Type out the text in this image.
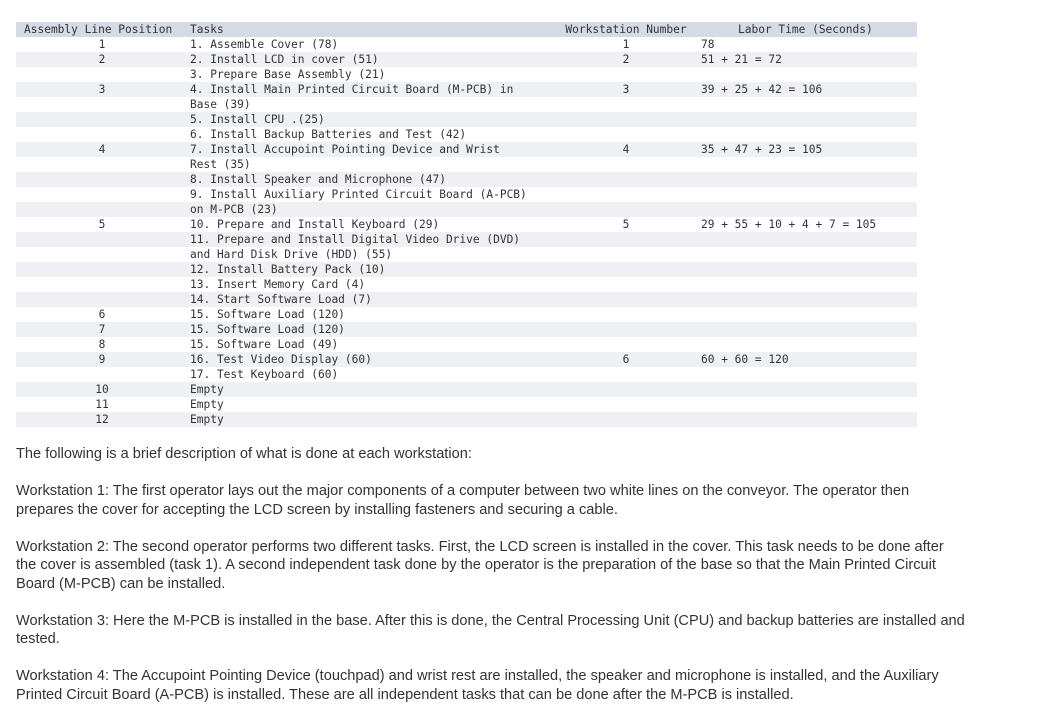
Assembly Line Position Tasks	Workstation Number	Labor Time (Seconds)
1	1. Assemble Cover (78)	1	78
2	2. Install LCD in cover (51)	2	51 + 21 = 72
3. Prepare Base Assembly (21)
3	4. Install Main Printed Circuit Board (M-PCB) in	3	39 + 25 + 42 = 106
Base (39)
5. Install CPU .(25)
6. Install Backup Batteries and Test (42)
4	7. Install Accupoint Pointing Device and Wrist	4	35 + 47 + 23 = 105
Rest (35)
8. Install Speaker and Microphone (47)
9. Install Auxiliary Printed Circuit Board (A-PCB)
on M-PCB (23)
5	10. Prepare and Install Keyboard (29)	5	29 + 55 + 10 + 4 + 7 = 105
11. Prepare and Install Digital Video Drive (DVD)
and Hard Disk Drive (HDD) (55)
12. Install Battery Pack (10)
13. Insert Memory Card (4)
14. Start Software Load (7)
6	15. Software Load (120)
7	15. Software Load (120)
8	15. Software Load (49)
9	16. Test Video Display (60)	6	60 + 60 = 120
17. Test Keyboard (60)
10	Empty
11	Empty
12	Empty

The following is a brief description of what is done at each workstation:

Workstation 1: The first operator lays out the major components of a computer between two white lines on the conveyor. The operator then prepares the cover for accepting the LCD screen by installing fasteners and securing a cable.

Workstation 2: The second operator performs two different tasks. First, the LCD screen is installed in the cover. This task needs to be done after the cover is assembled (task 1). A second independent task done by the operator is the preparation of the base so that the Main Printed Circuit Board (M-PCB) can be installed.

Workstation 3: Here the M-PCB is installed in the base. After this is done, the Central Processing Unit (CPU) and backup batteries are installed and tested.

Workstation 4: The Accupoint Pointing Device (touchpad) and wrist rest are installed, the speaker and microphone is installed, and the Auxiliary Printed Circuit Board (A-PCB) is installed. These are all independent tasks that can be done after the M-PCB is installed.
